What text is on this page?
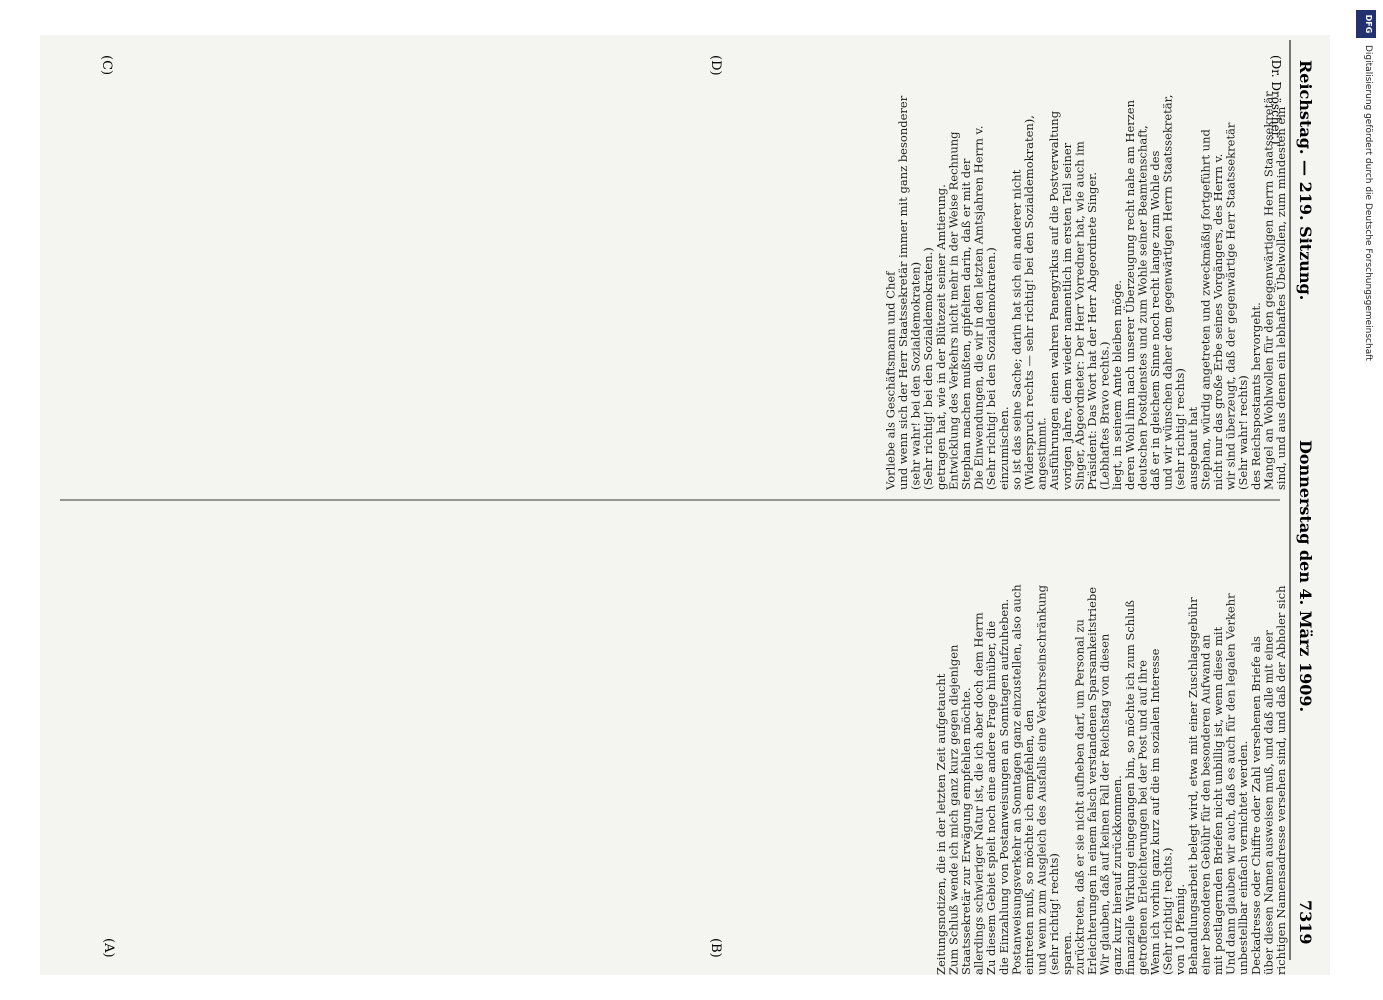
Reichstag. — 219. Sitzung.
Donnerstag den 4. März 1909.
7319
(Dr. Dröscher.)
richtigen Namensadresse versehen sind, und daß der Abholer sich
über diesen Namen ausweisen muß, und daß alle mit einer
Deckadresse oder Chiffre oder Zahl versehenen Briefe als
unbestellbar einfach vernichtet werden.
Und dann glauben wir auch, daß es auch für den legalen Verkehr
mit postlagernden Briefen nicht unbillig ist, wenn diese mit
einer besonderen Gebühr für den besonderen Aufwand an
Behandlungsarbeit belegt wird, etwa mit einer Zuschlagsgebühr
von 10 Pfennig.
(Sehr richtig! rechts.)
Wenn ich vorhin ganz kurz auf die im sozialen Interesse
getroffenen Erleichterungen bei der Post und auf ihre
finanzielle Wirkung eingegangen bin, so möchte ich zum Schluß
ganz kurz hierauf zurückkommen.
Wir glauben, daß auf keinen Fall der Reichstag von diesen
Erleichterungen in einem falsch verstandenen Sparsamkeitstriebe
zurücktreten, daß er sie nicht aufheben darf, um Personal zu
sparen.
(sehr richtig! rechts)
und wenn zum Ausgleich des Ausfalls eine Verkehrseinschränkung
eintreten muß, so möchte ich empfehlen, den
Postanweisungsverkehr an Sonntagen ganz einzustellen, also auch
die Einzahlung von Postanweisungen an Sonntagen aufzuheben.
Zu diesem Gebiet spielt noch eine andere Frage hinüber, die
allerdings schwieriger Natur ist, die ich aber doch dem Herrn
Staatssekretär zur Erwägung empfehlen möchte.
Zum Schluß wende ich mich ganz kurz gegen diejenigen
Zeitungsnotizen, die in der letzten Zeit aufgetaucht
sind, und aus denen ein lebhaftes Übelwollen, zum mindesten ein
Mangel an Wohlwollen für den gegenwärtigen Herrn Staatssekretär
des Reichspostamts hervorgeht.
(Sehr wahr! rechts)
wir sind überzeugt, daß der gegenwärtige Herr Staatssekretär
nicht nur das große Erbe seines Vorgängers, des Herrn v.
Stephan, würdig angetreten und zweckmäßig fortgeführt und
ausgebaut hat
(sehr richtig! rechts)
und wir wünschen daher dem gegenwärtigen Herrn Staatssekretär,
daß er in gleichem Sinne noch recht lange zum Wohle des
deutschen Postdienstes und zum Wohle seiner Beamtenschaft,
deren Wohl ihm nach unserer Überzeugung recht nahe am Herzen
liegt, in seinem Amte bleiben möge.
(Lebhaftes Bravo rechts.)
Präsident: Das Wort hat der Herr Abgeordnete Singer.
Singer, Abgeordneter: Der Herr Vorredner hat, wie auch im
vorigen Jahre, dem wieder namentlich im ersten Teil seiner
Ausführungen einen wahren Panegyrikus auf die Postverwaltung
angestimmt.
(Widerspruch rechts — sehr richtig! bei den Sozialdemokraten),
so ist das seine Sache; darin hat sich ein anderer nicht
einzumischen.
(Sehr richtig! bei den Sozialdemokraten.)
Die Einwendungen, die wir in den letzten Amtsjahren Herrn v.
Stephan machen mußten, gipfelten darin, daß er mit der
Entwicklung des Verkehrs nicht mehr in der Weise Rechnung
getragen hat, wie in der Blütezeit seiner Amtierung.
(Sehr richtig! bei den Sozialdemokraten.)
(sehr wahr! bei den Sozialdemokraten)
und wenn sich der Herr Staatssekretär immer mit ganz besonderer
Vorliebe als Geschäftsmann und Chef
(A)	(B)
(C)	(D)
DFG
Digitalisierung gefördert durch die Deutsche Forschungsgemeinschaft
